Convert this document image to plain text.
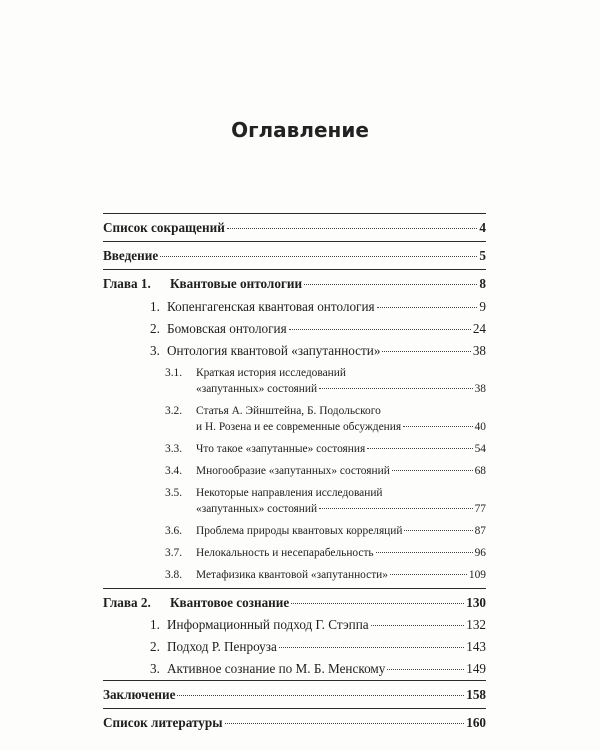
Оглавление
Список сокращений	4
Введение	5
Глава 1.	Квантовые онтологии	8
1. Копенгагенская квантовая онтология	9
2. Бомовская онтология	24
3. Онтология квантовой «запутанности»	38
3.1. Краткая история исследований
«запутанных» состояний	38
3.2. Статья А. Эйнштейна, Б. Подольского
и Н. Розена и ее современные обсуждения	40
3.3.	Что такое «запутанные» состояния	54
3.4.	Многообразие «запутанных» состояний	68
3.5. Некоторые направления исследований
«запутанных» состояний	77
3.6.	Проблема природы квантовых корреляций	87
3.7.	Нелокальность и несепарабельность	96
3.8.	Метафизика квантовой «запутанности»	109
Глава 2.	Квантовое сознание	130
1. Информационный подход Г. Стэппа	132
2. Подход Р. Пенроуза	143
3. Активное сознание по М. Б. Менскому	149
Заключение	158
Список литературы	160
